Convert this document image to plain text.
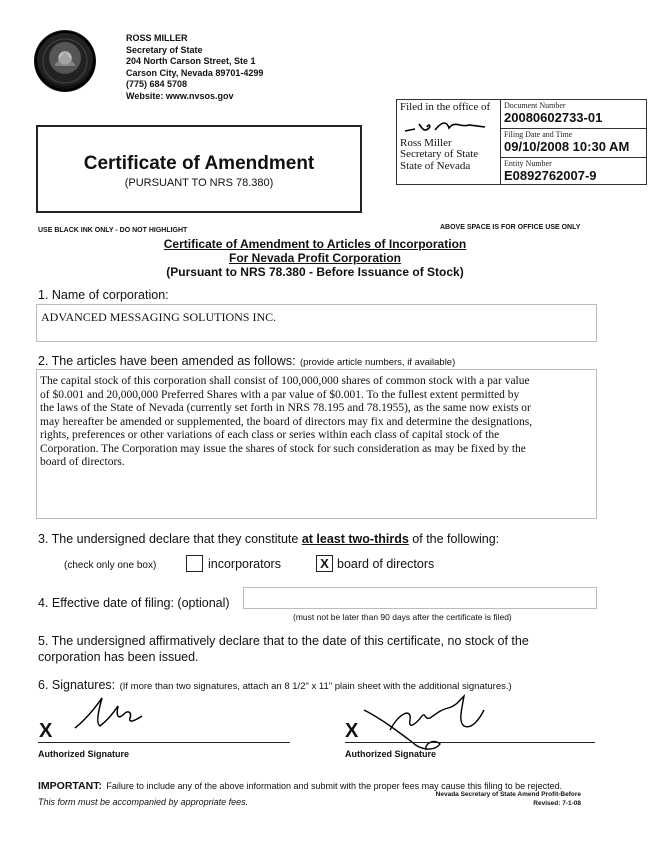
ROSS MILLER
Secretary of State
204 North Carson Street, Ste 1
Carson City, Nevada 89701-4299
(775) 684 5708
Website: www.nvsos.gov
Filed in the office of
Ross Miller
Secretary of State
State of Nevada
Document Number
20080602733-01
Filing Date and Time
09/10/2008 10:30 AM
Entity Number
E0892762007-9
Certificate of Amendment
(PURSUANT TO NRS 78.380)
USE BLACK INK ONLY - DO NOT HIGHLIGHT	ABOVE SPACE IS FOR OFFICE USE ONLY
Certificate of Amendment to Articles of Incorporation
For Nevada Profit Corporation
(Pursuant to NRS 78.380 - Before Issuance of Stock)
1. Name of corporation:
ADVANCED MESSAGING SOLUTIONS INC.
2. The articles have been amended as follows: (provide article numbers, if available)
The capital stock of this corporation shall consist of 100,000,000 shares of common stock with a par value
of $0.001 and 20,000,000 Preferred Shares with a par value of $0.001. To the fullest extent permitted by
the laws of the State of Nevada (currently set forth in NRS 78.195 and 78.1955), as the same now exists or
may hereafter be amended or supplemented, the board of directors may fix and determine the designations,
rights, preferences or other variations of each class or series within each class of capital stock of the
Corporation. The Corporation may issue the shares of stock for such consideration as may be fixed by the
board of directors.
3. The undersigned declare that they constitute at least two-thirds of the following:
(check only one box)	incorporators	X board of directors
4. Effective date of filing: (optional)
(must not be later than 90 days after the certificate is filed)
5. The undersigned affirmatively declare that to the date of this certificate, no stock of the
corporation has been issued.
6. Signatures: (If more than two signatures, attach an 8 1/2" x 11" plain sheet with the additional signatures.)
X
Authorized Signature
X
Authorized Signature
IMPORTANT: Failure to include any of the above information and submit with the proper fees may cause this filing to be rejected.
This form must be accompanied by appropriate fees.
Nevada Secretary of State Amend Profit-Before
Revised: 7-1-08
